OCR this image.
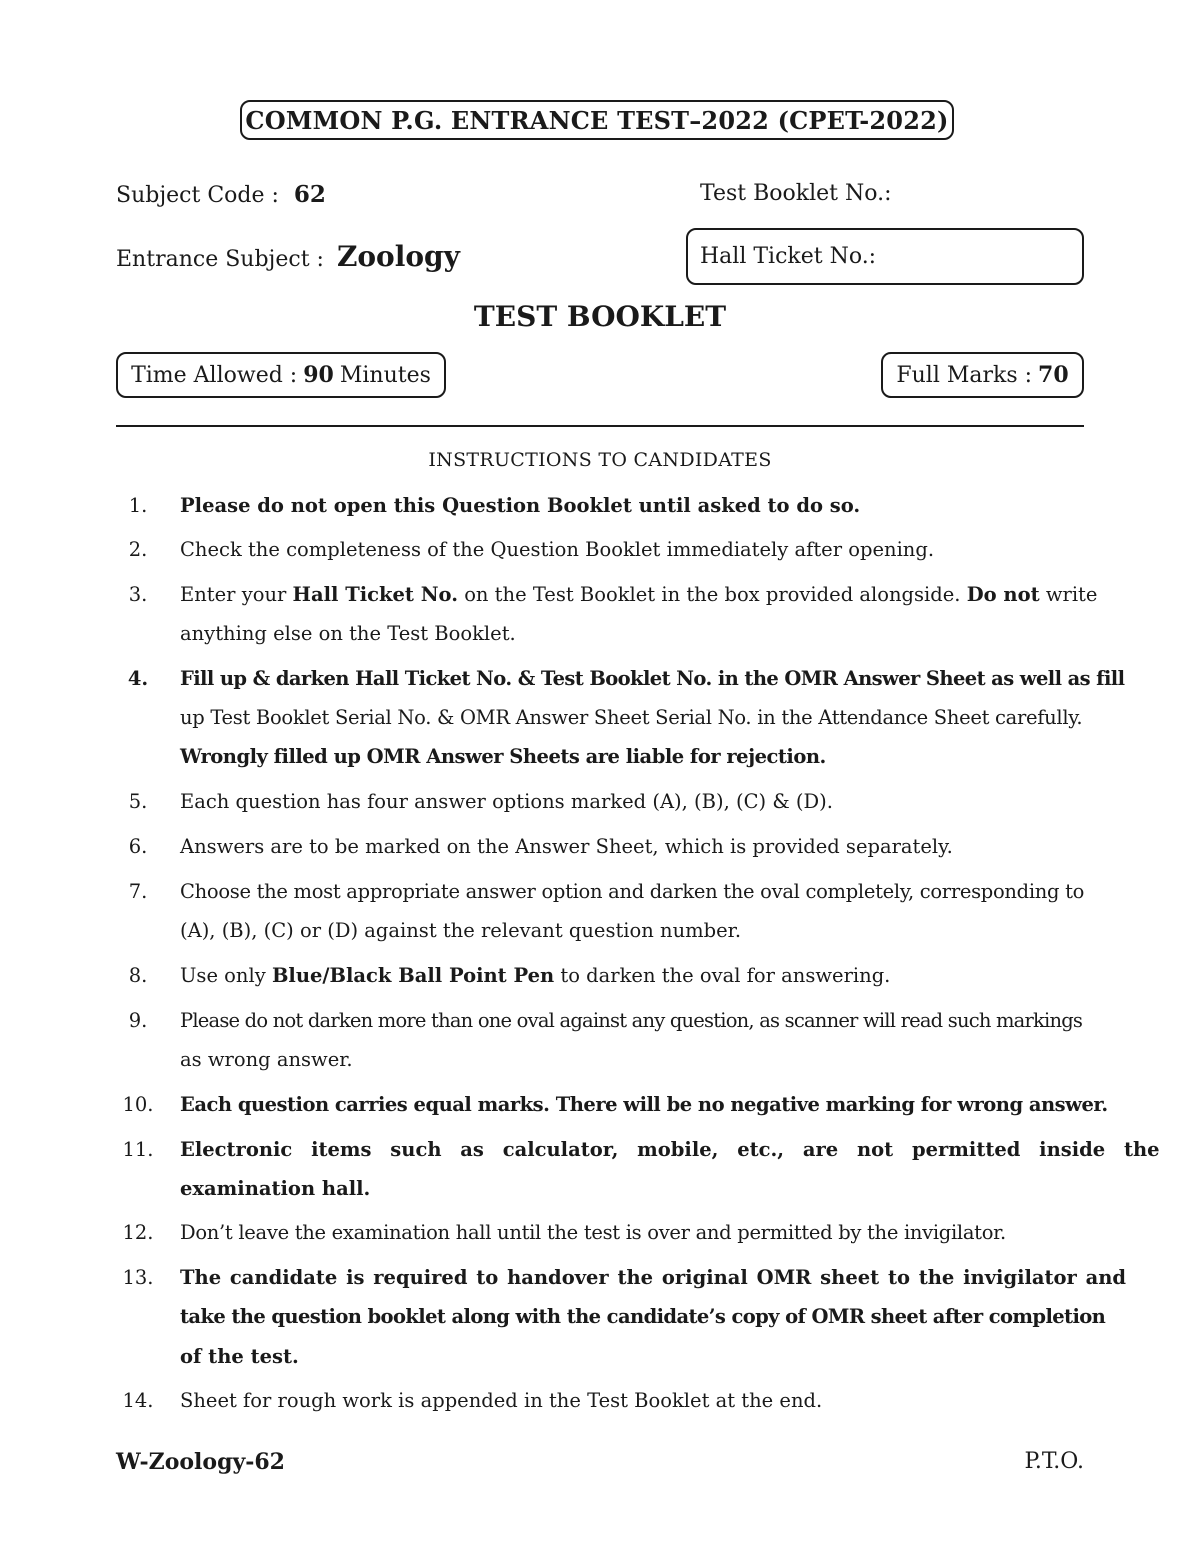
COMMON P.G. ENTRANCE TEST–2022 (CPET-2022)
Subject Code : 62	Test Booklet No.:
Entrance Subject : Zoology	Hall Ticket No.:
TEST BOOKLET
Time Allowed : 90 Minutes	Full Marks : 70
INSTRUCTIONS TO CANDIDATES
1.	Please do not open this Question Booklet until asked to do so.
2.	Check the completeness of the Question Booklet immediately after opening.
3.	Enter your Hall Ticket No. on the Test Booklet in the box provided alongside. Do not write
anything else on the Test Booklet.
4.	Fill up & darken Hall Ticket No. & Test Booklet No. in the OMR Answer Sheet as well as fill
up Test Booklet Serial No. & OMR Answer Sheet Serial No. in the Attendance Sheet carefully.
Wrongly filled up OMR Answer Sheets are liable for rejection.
5.	Each question has four answer options marked (A), (B), (C) & (D).
6.	Answers are to be marked on the Answer Sheet, which is provided separately.
7.	Choose the most appropriate answer option and darken the oval completely, corresponding to
(A), (B), (C) or (D) against the relevant question number.
8.	Use only Blue/Black Ball Point Pen to darken the oval for answering.
9.	Please do not darken more than one oval against any question, as scanner will read such markings
as wrong answer.
10. Each question carries equal marks. There will be no negative marking for wrong answer.
11. Electronic items such as calculator, mobile, etc., are not permitted inside the
examination hall.
12. Don’t leave the examination hall until the test is over and permitted by the invigilator.
13. The candidate is required to handover the original OMR sheet to the invigilator and
take the question booklet along with the candidate’s copy of OMR sheet after completion
of the test.
14. Sheet for rough work is appended in the Test Booklet at the end.
W-Zoology-62	P.T.O.
